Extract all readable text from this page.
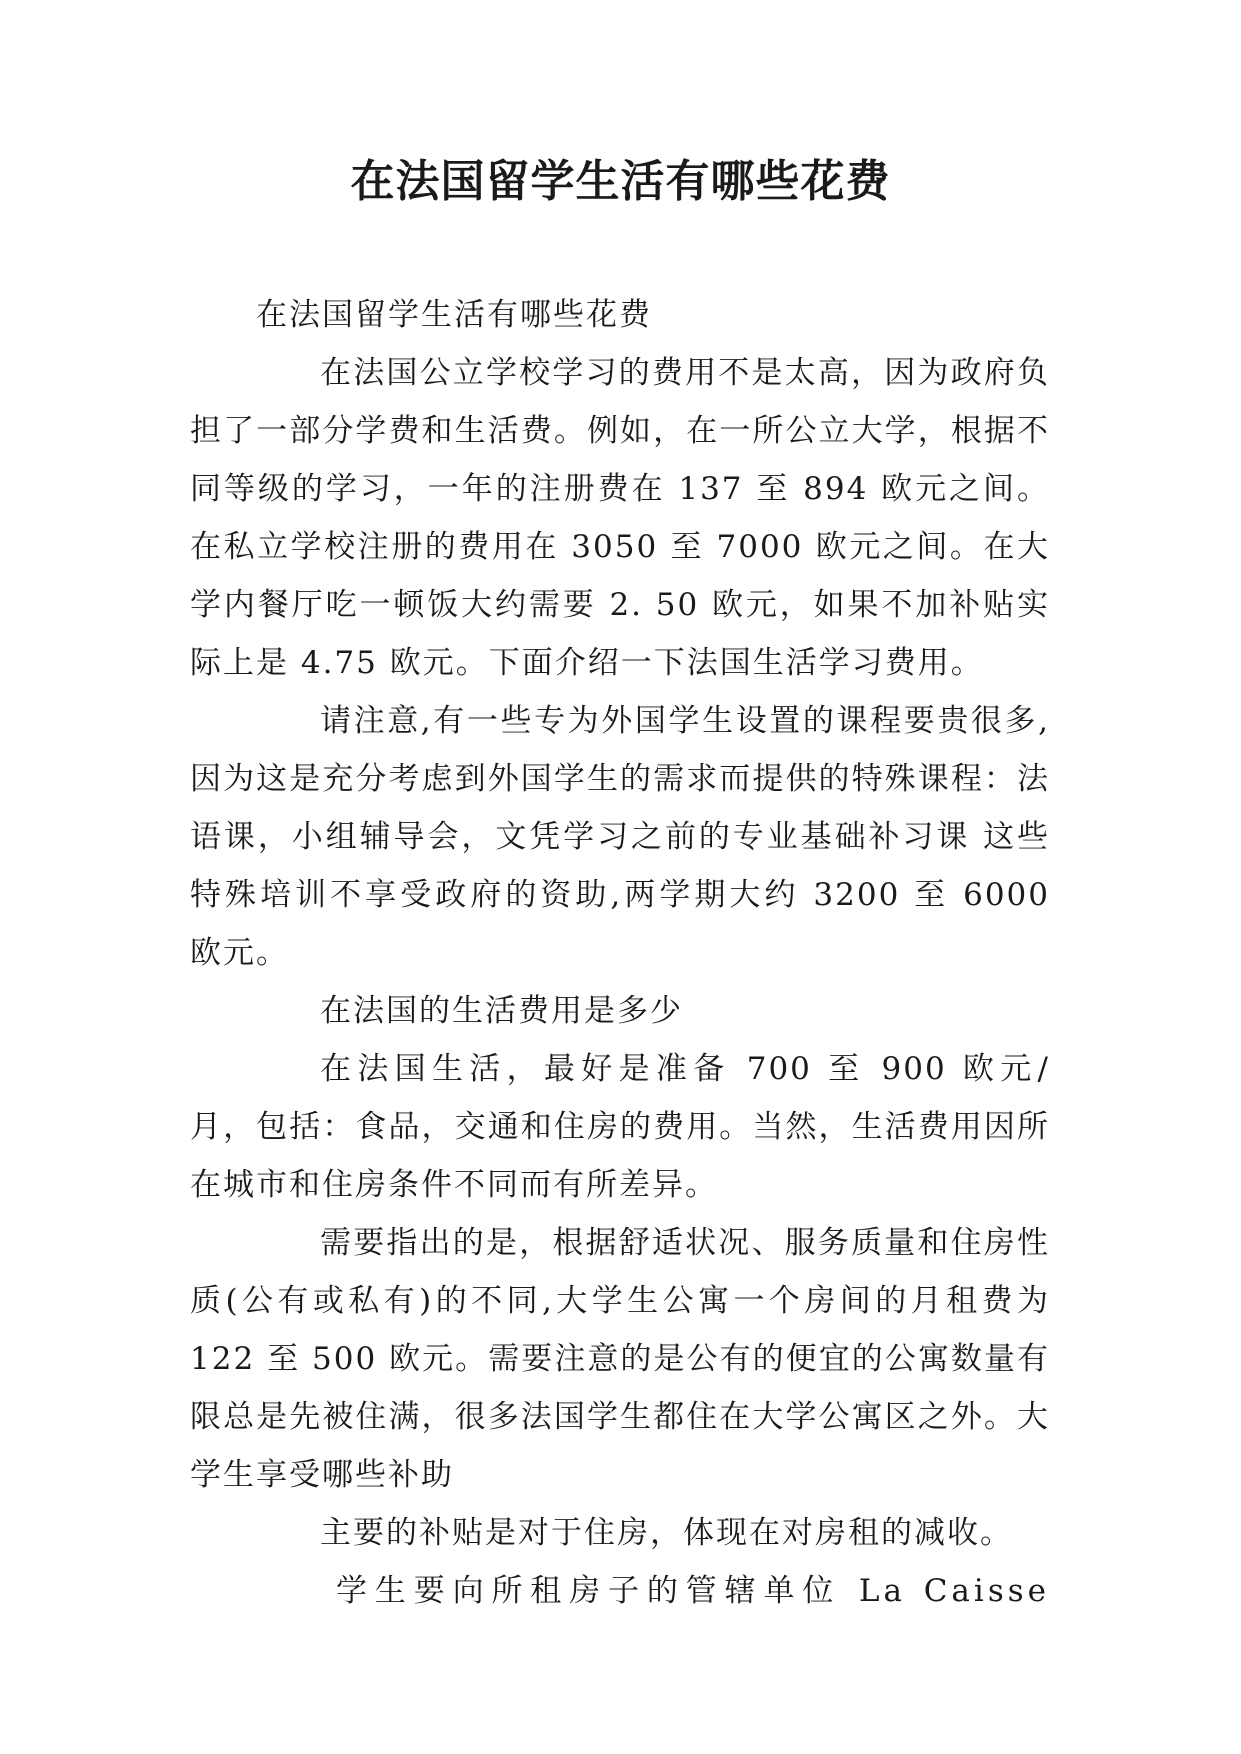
在法国留学生活有哪些花费

在法国留学生活有哪些花费

在法国公立学校学习的费用不是太高，因为政府负担了一部分学费和生活费。例如，在一所公立大学，根据不同等级的学习，一年的注册费在 137 至 894 欧元之间。在私立学校注册的费用在 3050 至 7000 欧元之间。在大学内餐厅吃一顿饭大约需要 2. 50 欧元，如果不加补贴实际上是 4.75 欧元。下面介绍一下法国生活学习费用。

请注意,有一些专为外国学生设置的课程要贵很多,因为这是充分考虑到外国学生的需求而提供的特殊课程：法语课，小组辅导会，文凭学习之前的专业基础补习课 这些特殊培训不享受政府的资助,两学期大约 3200 至 6000 欧元。

在法国的生活费用是多少

在法国生活，最好是准备 700 至 900 欧元/ 月，包括：食品，交通和住房的费用。当然，生活费用因所在城市和住房条件不同而有所差异。

需要指出的是，根据舒适状况、服务质量和住房性质(公有或私有)的不同,大学生公寓一个房间的月租费为 122 至 500 欧元。需要注意的是公有的便宜的公寓数量有限总是先被住满，很多法国学生都住在大学公寓区之外。大学生享受哪些补助

主要的补贴是对于住房，体现在对房租的减收。

学生要向所租房子的管辖单位 La Caisse
